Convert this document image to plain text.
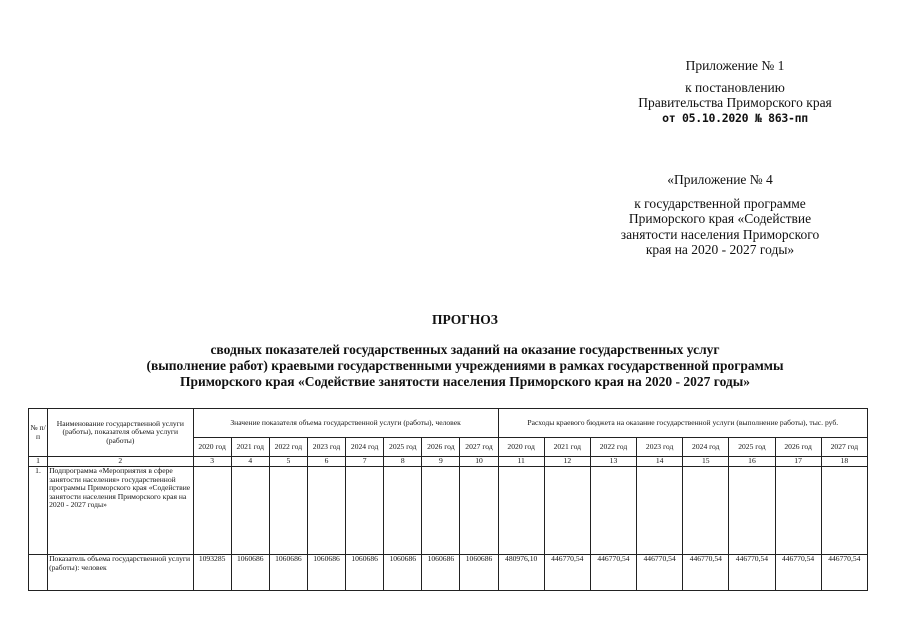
Приложение № 1
к постановлению
Правительства Приморского края
от 05.10.2020 № 863-пп
«Приложение № 4
к государственной программе
Приморского края «Содействие
занятости населения Приморского
края на 2020 - 2027 годы»
ПРОГНОЗ
сводных показателей государственных заданий на оказание государственных услуг
(выполнение работ) краевыми государственными учреждениями в рамках государственной программы
Приморского края «Содействие занятости населения Приморского края на 2020 - 2027 годы»
№ п/п	Наименование государственной услуги (работы), показателя объема услуги (работы)	Значение показателя объема государственной услуги (работы), человек								Расходы краевого бюджета на оказание государственной услуги (выполнение работы), тыс. руб.							
		2020 год	2021 год	2022 год	2023 год	2024 год	2025 год	2026 год	2027 год	2020 год	2021 год	2022 год	2023 год	2024 год	2025 год	2026 год	2027 год
1	2	3	4	5	6	7	8	9	10	11	12	13	14	15	16	17	18
1.	Подпрограмма «Мероприятия в сфере занятости населения» государственной программы Приморского края «Содействие занятости населения Приморского края на 2020 - 2027 годы»																
	Показатель объема государственной услуги (работы): человек	1093285	1060686	1060686	1060686	1060686	1060686	1060686	1060686	480976,10	446770,54	446770,54	446770,54	446770,54	446770,54	446770,54	446770,54
